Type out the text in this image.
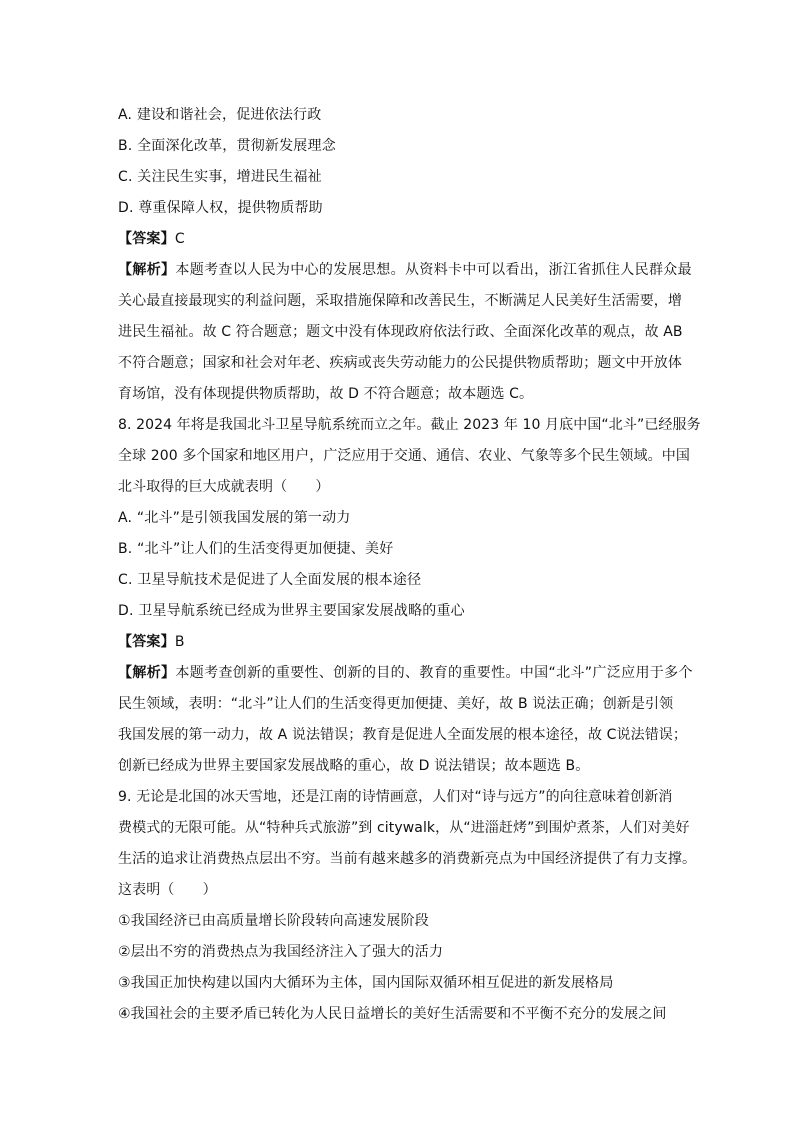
A. 建设和谐社会，促进依法行政
B. 全面深化改革，贯彻新发展理念
C. 关注民生实事，增进民生福祉
D. 尊重保障人权，提供物质帮助
【答案】C
【解析】本题考查以人民为中心的发展思想。从资料卡中可以看出，浙江省抓住人民群众最
关心最直接最现实的利益问题，采取措施保障和改善民生，不断满足人民美好生活需要，增
进民生福祉。故 C 符合题意；题文中没有体现政府依法行政、全面深化改革的观点，故 AB
不符合题意；国家和社会对年老、疾病或丧失劳动能力的公民提供物质帮助；题文中开放体
育场馆，没有体现提供物质帮助，故 D 不符合题意；故本题选 C。
8. 2024 年将是我国北斗卫星导航系统而立之年。截止 2023 年 10 月底中国“北斗”已经服务
全球 200 多个国家和地区用户，广泛应用于交通、通信、农业、气象等多个民生领域。中国
北斗取得的巨大成就表明（　　）
A. “北斗”是引领我国发展的第一动力
B. “北斗”让人们的生活变得更加便捷、美好
C. 卫星导航技术是促进了人全面发展的根本途径
D. 卫星导航系统已经成为世界主要国家发展战略的重心
【答案】B
【解析】本题考查创新的重要性、创新的目的、教育的重要性。中国“北斗”广泛应用于多个
民生领域，表明：“北斗”让人们的生活变得更加便捷、美好，故 B 说法正确；创新是引领
我国发展的第一动力，故 A 说法错误；教育是促进人全面发展的根本途径，故 C说法错误；
创新已经成为世界主要国家发展战略的重心，故 D 说法错误；故本题选 B。
9. 无论是北国的冰天雪地，还是江南的诗情画意，人们对“诗与远方”的向往意味着创新消
费模式的无限可能。从“特种兵式旅游”到 citywalk，从“进淄赶烤”到围炉煮茶，人们对美好
生活的追求让消费热点层出不穷。当前有越来越多的消费新亮点为中国经济提供了有力支撑。
这表明（　　）
①我国经济已由高质量增长阶段转向高速发展阶段
②层出不穷的消费热点为我国经济注入了强大的活力
③我国正加快构建以国内大循环为主体，国内国际双循环相互促进的新发展格局
④我国社会的主要矛盾已转化为人民日益增长的美好生活需要和不平衡不充分的发展之间
